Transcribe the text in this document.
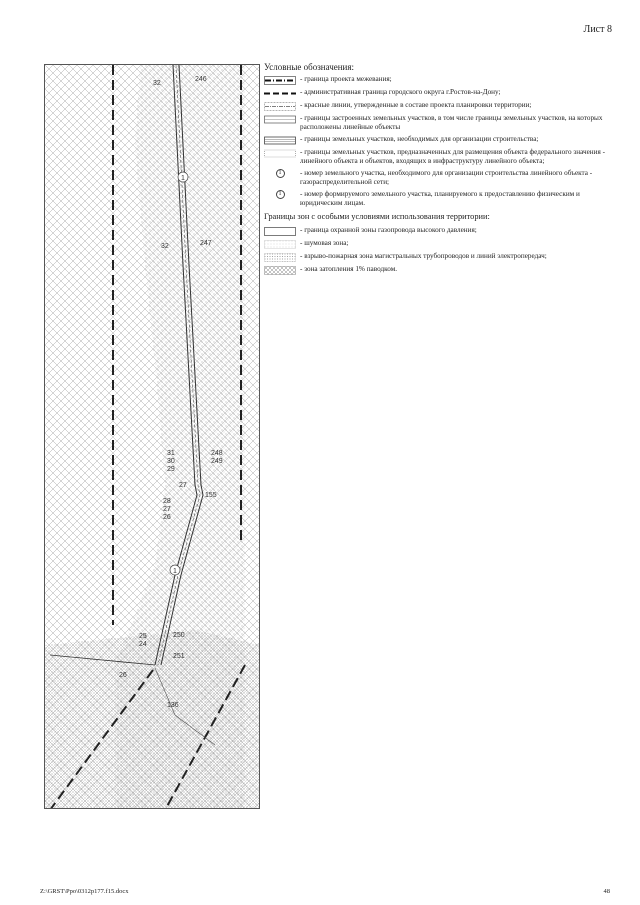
Лист 8
32
246
32	247
31
30
29
248
249
27
155
28
27
26
25
24
250
251
26
136
1
1
Условные обозначения:
- граница проекта межевания;
- административная граница городского округа г.Ростов-на-Дону;
- красные линии, утвержденные в составе проекта планировки территории;
- границы застроенных земельных участков, в том числе границы земельных участков, на которых расположены линейные объекты
- границы земельных участков, необходимых для организации строительства;
- границы земельных участков, предназначенных для размещения объекта федерального значения - линейного объекта и объектов, входящих в инфраструктуру линейного объекта;
1	- номер земельного участка, необходимого для организации строительства линейного объекта - газораспределительной сети;
1	- номер формируемого земельного участка, планируемого к предоставлению физическим и юридическим лицам.
Границы зон с особыми условиями использования территории:
- граница охранной зоны газопровода высокого давления;
- шумовая зона;
- взрыво-пожарная зона магистральных трубопроводов и линий электропередач;
- зона затопления 1% паводком.
Z:\GRST\Ppo\0312p177.f15.docx	48
